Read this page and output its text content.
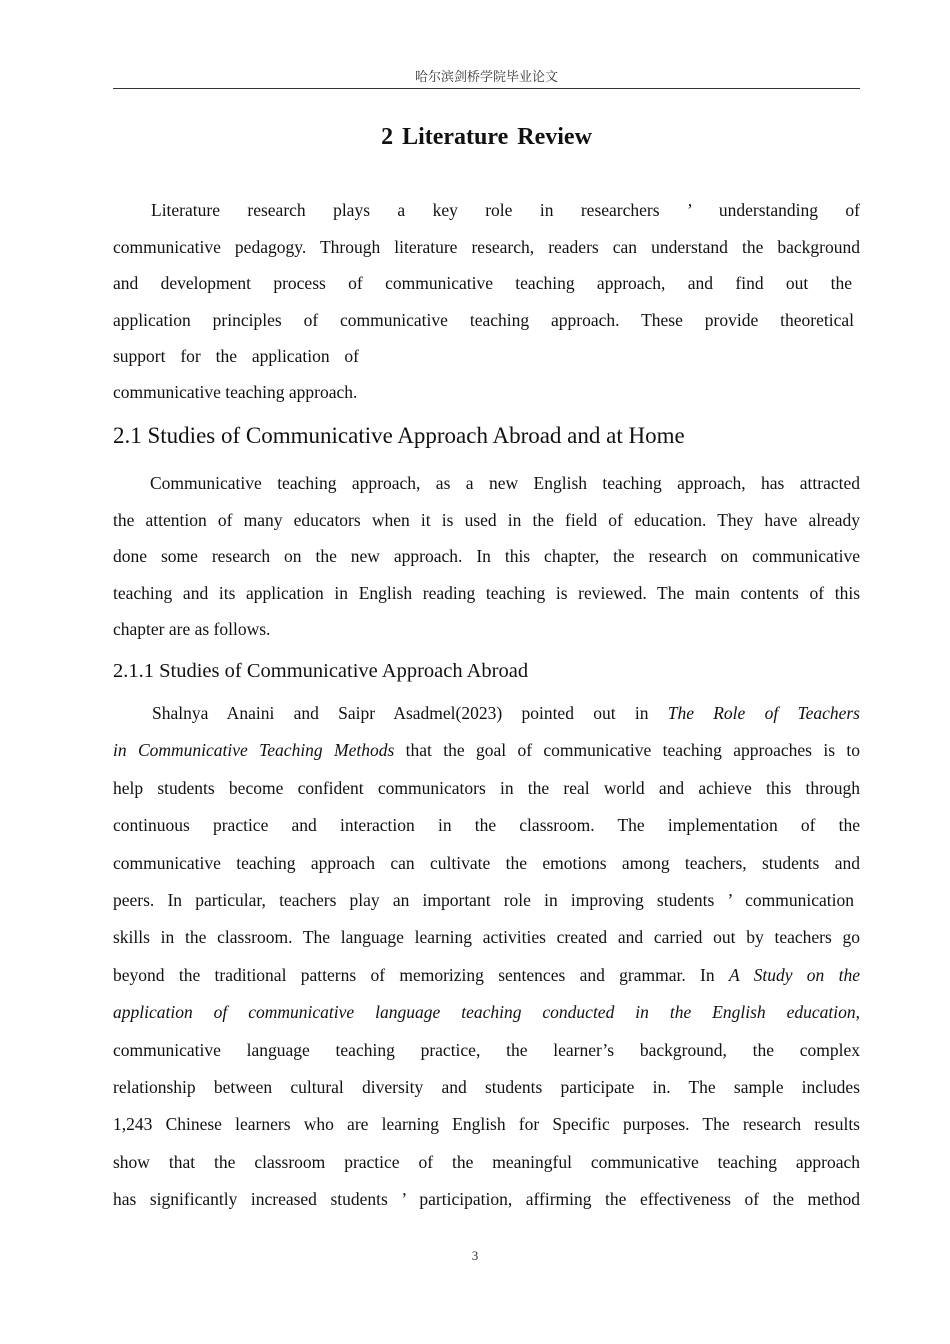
哈尔滨剑桥学院毕业论文
2 Literature Review
Literature research plays a key role in researchers ’ understanding of
communicative pedagogy. Through literature research, readers can understand the background
and development process of communicative teaching approach, and find out the
application principles of communicative teaching approach. These provide theoretical
support for the application of
communicative teaching approach.
2.1 Studies of Communicative Approach Abroad and at Home
Communicative teaching approach, as a new English teaching approach, has attracted
the attention of many educators when it is used in the field of education. They have already
done some research on the new approach. In this chapter, the research on communicative
teaching and its application in English reading teaching is reviewed. The main contents of this
chapter are as follows.
2.1.1 Studies of Communicative Approach Abroad
Shalnya Anaini and Saipr Asadmel(2023) pointed out in The Role of Teachers
in Communicative Teaching Methods that the goal of communicative teaching approaches is to
help students become confident communicators in the real world and achieve this through
continuous practice and interaction in the classroom. The implementation of the
communicative teaching approach can cultivate the emotions among teachers, students and
peers. In particular, teachers play an important role in improving students ’ communication
skills in the classroom. The language learning activities created and carried out by teachers go
beyond the traditional patterns of memorizing sentences and grammar. In A Study on the
application of communicative language teaching conducted in the English education,
communicative language teaching practice, the learner’s background, the complex
relationship between cultural diversity and students participate in. The sample includes
1,243 Chinese learners who are learning English for Specific purposes. The research results
show that the classroom practice of the meaningful communicative teaching approach
has significantly increased students ’ participation, affirming the effectiveness of the method
3
